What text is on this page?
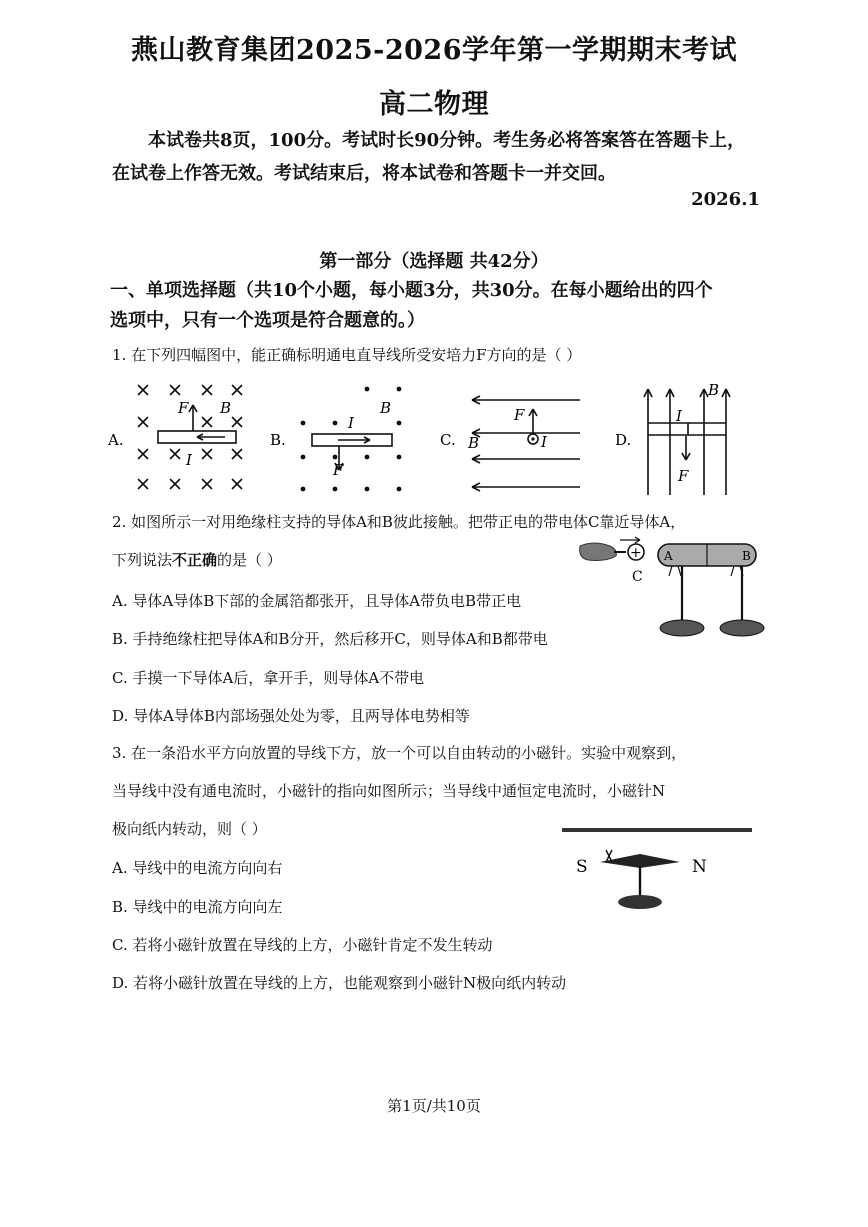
燕山教育集团2025-2026学年第一学期期末考试
高二物理
本试卷共8页，100分。考试时长90分钟。考生务必将答案答在答题卡上，
在试卷上作答无效。考试结束后，将本试卷和答题卡一并交回。
2026.1
第一部分（选择题 共42分）
一、单项选择题（共10个小题，每小题3分，共30分。在每小题给出的四个
选项中，只有一个选项是符合题意的。）
1. 在下列四幅图中，能正确标明通电直导线所受安培力F方向的是（ ）
A.	B.	C.	D.
F B
I
B
I
F
F
B	I
I
B
F
2. 如图所示一对用绝缘柱支持的导体A和B彼此接触。把带正电的带电体C靠近导体A，
下列说法不正确的是（ ）
A. 导体A导体B下部的金属箔都张开，且导体A带负电B带正电
B. 手持绝缘柱把导体A和B分开，然后移开C，则导体A和B都带电
C. 手摸一下导体A后，拿开手，则导体A不带电
D. 导体A导体B内部场强处处为零，且两导体电势相等
+
C
A	B
3. 在一条沿水平方向放置的导线下方，放一个可以自由转动的小磁针。实验中观察到，
当导线中没有通电流时，小磁针的指向如图所示；当导线中通恒定电流时，小磁针N
极向纸内转动，则（ ）
A. 导线中的电流方向向右
B. 导线中的电流方向向左
C. 若将小磁针放置在导线的上方，小磁针肯定不发生转动
D. 若将小磁针放置在导线的上方，也能观察到小磁针N极向纸内转动
S	N
第1页/共10页
